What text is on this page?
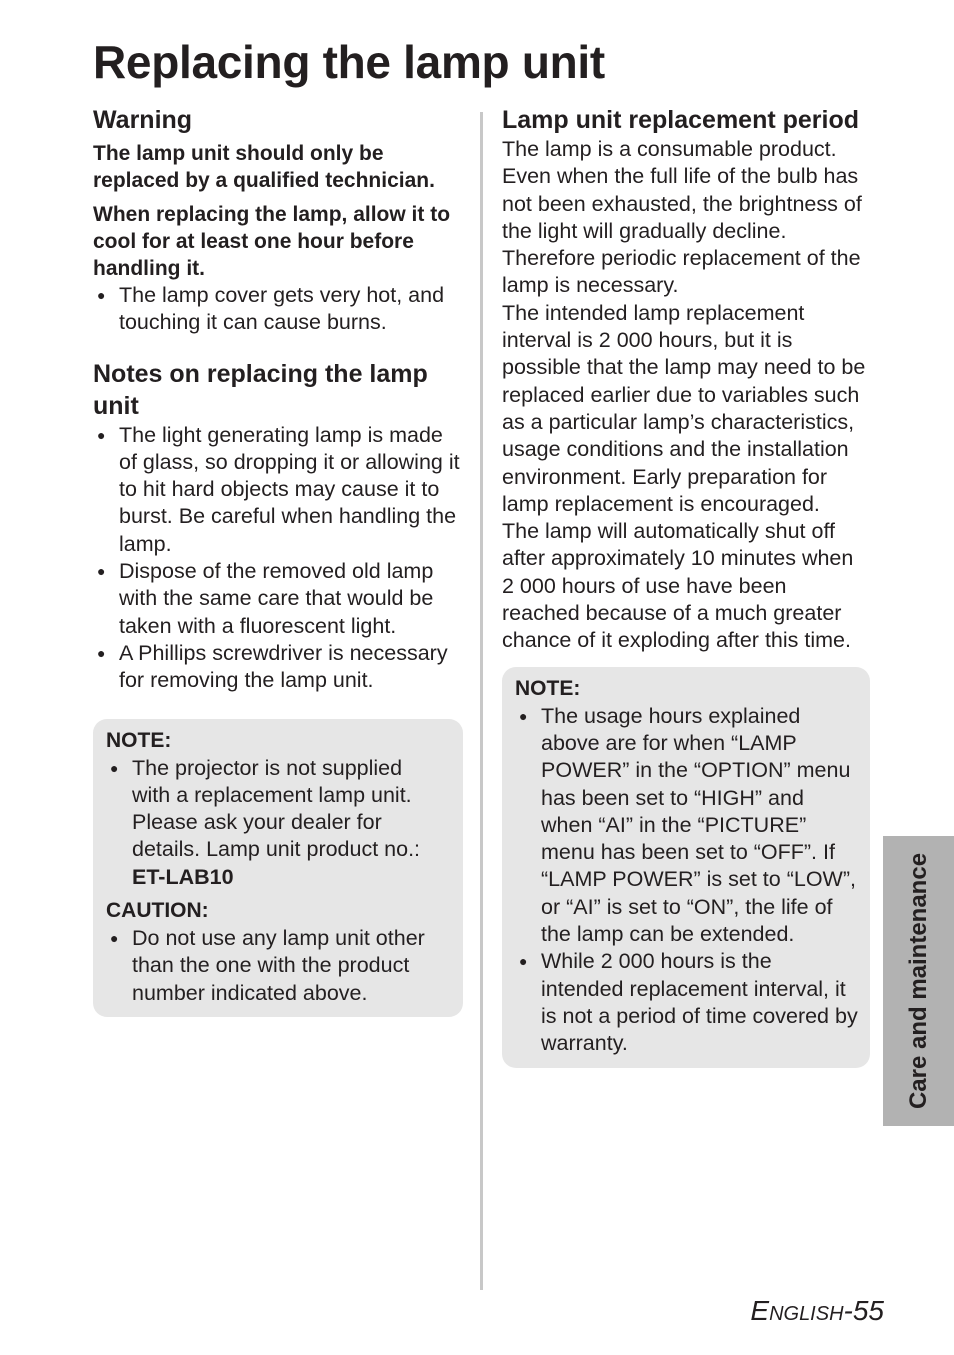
Replacing the lamp unit
Warning

The lamp unit should only be replaced by a qualified technician.

When replacing the lamp, allow it to cool for at least one hour before handling it.

● The lamp cover gets very hot, and touching it can cause burns.
Notes on replacing the lamp unit
● The light generating lamp is made of glass, so dropping it or allowing it to hit hard objects may cause it to burst. Be careful when handling the lamp.
● Dispose of the removed old lamp with the same care that would be taken with a fluorescent light.
● A Phillips screwdriver is necessary for removing the lamp unit.

NOTE:

● The projector is not supplied with a replacement lamp unit. Please ask your dealer for details. Lamp unit product no.: ET-LAB10

CAUTION:

● Do not use any lamp unit other than the one with the product number indicated above.
Lamp unit replacement period

The lamp is a consumable product. Even when the full life of the bulb has not been exhausted, the brightness of the light will gradually decline. Therefore periodic replacement of the lamp is necessary.

The intended lamp replacement interval is 2 000 hours, but it is possible that the lamp may need to be replaced earlier due to variables such as a particular lamp’s characteristics, usage conditions and the installation environment. Early preparation for lamp replacement is encouraged.

The lamp will automatically shut off after approximately 10 minutes when 2 000 hours of use have been reached because of a much greater chance of it exploding after this time.

NOTE:

● The usage hours explained above are for when “LAMP POWER” in the “OPTION” menu has been set to “HIGH” and when “AI” in the “PICTURE” menu has been set to “OFF”. If “LAMP POWER” is set to “LOW”, or “AI” is set to “ON”, the life of the lamp can be extended.
● While 2 000 hours is the intended replacement interval, it is not a period of time covered by warranty.	Care and maintenance
ENGLISH-55
